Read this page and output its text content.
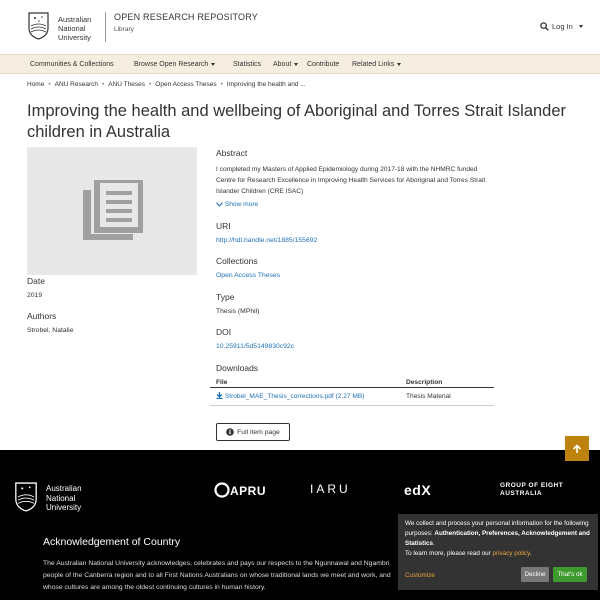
Australian
National
University
OPEN RESEARCH REPOSITORY
Library	Log In
Communities & Collections	Browse Open Research	Statistics About	Contribute Related Links
Home • ANU Research • ANU Theses • Open Access Theses • Improving the health and ...
Improving the health and wellbeing of Aboriginal and Torres Strait Islander children in Australia
Date
2019
Authors
Strobel, Natalie
Abstract
I completed my Masters of Applied Epidemiology during 2017-18 with the NHMRC funded Centre for Research Excellence in Improving Health Services for Aboriginal and Torres Strait Islander Children (CRE ISAC)
Show more
URI
http://hdl.handle.net/1885/155692
Collections
Open Access Theses
Type
Thesis (MPhil)
DOI
10.25911/5d5149830c92c
Downloads
File	Description
Strobel_MAE_Thesis_corrections.pdf (2.27 MB)	Thesis Material
Full item page
Australian
National
University
APRU	IARU	edX	GROUP OF EIGHT AUSTRALIA
Acknowledgement of Country
The Australian National University acknowledges, celebrates and pays our respects to the Ngunnawal and Ngambri people of the Canberra region and to all First Nations Australians on whose traditional lands we meet and work, and whose cultures are among the oldest continuing cultures in human history.
We collect and process your personal information for the following purposes: Authentication, Preferences, Acknowledgement and Statistics.
To learn more, please read our privacy policy.
Customize	Decline	That's ok
